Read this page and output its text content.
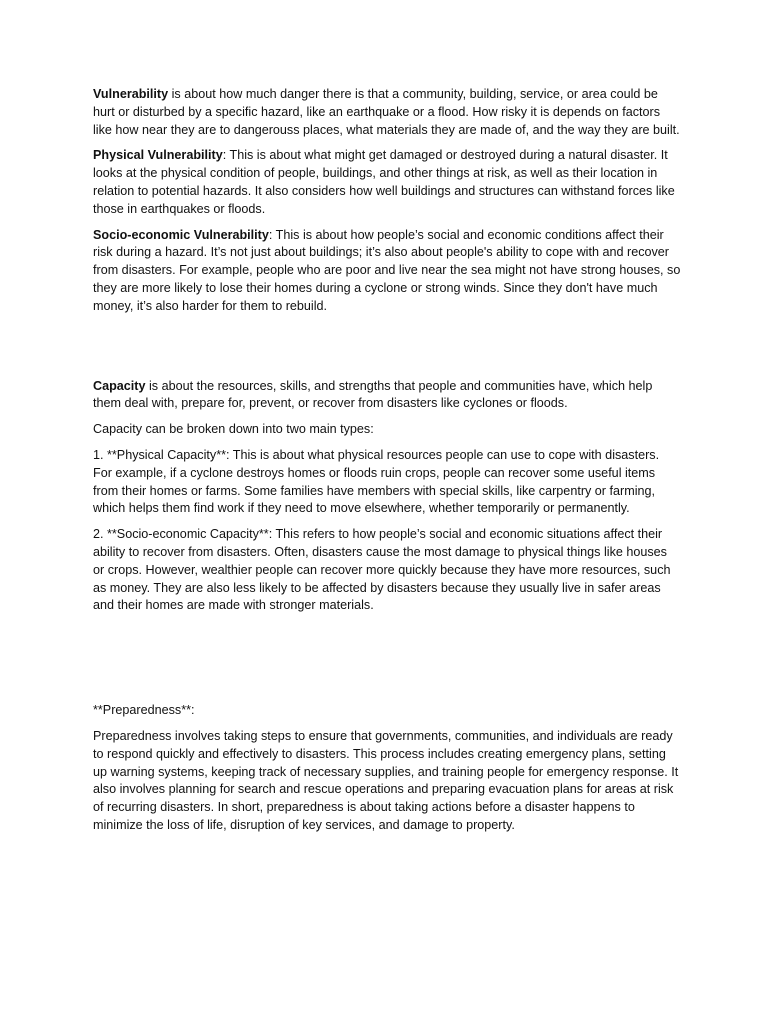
Vulnerability is about how much danger there is that a community, building, service, or area could be hurt or disturbed by a specific hazard, like an earthquake or a flood. How risky it is depends on factors like how near they are to dangerouss places, what materials they are made of, and the way they are built.

Physical Vulnerability: This is about what might get damaged or destroyed during a natural disaster. It looks at the physical condition of people, buildings, and other things at risk, as well as their location in relation to potential hazards. It also considers how well buildings and structures can withstand forces like those in earthquakes or floods.

Socio-economic Vulnerability: This is about how people’s social and economic conditions affect their risk during a hazard. It’s not just about buildings; it’s also about people's ability to cope with and recover from disasters. For example, people who are poor and live near the sea might not have strong houses, so they are more likely to lose their homes during a cyclone or strong winds. Since they don't have much money, it’s also harder for them to rebuild.

Capacity is about the resources, skills, and strengths that people and communities have, which help them deal with, prepare for, prevent, or recover from disasters like cyclones or floods.

Capacity can be broken down into two main types:

1. **Physical Capacity**: This is about what physical resources people can use to cope with disasters. For example, if a cyclone destroys homes or floods ruin crops, people can recover some useful items from their homes or farms. Some families have members with special skills, like carpentry or farming, which helps them find work if they need to move elsewhere, whether temporarily or permanently.

2. **Socio-economic Capacity**: This refers to how people’s social and economic situations affect their ability to recover from disasters. Often, disasters cause the most damage to physical things like houses or crops. However, wealthier people can recover more quickly because they have more resources, such as money. They are also less likely to be affected by disasters because they usually live in safer areas and their homes are made with stronger materials.

**Preparedness**:

Preparedness involves taking steps to ensure that governments, communities, and individuals are ready to respond quickly and effectively to disasters. This process includes creating emergency plans, setting up warning systems, keeping track of necessary supplies, and training people for emergency response. It also involves planning for search and rescue operations and preparing evacuation plans for areas at risk of recurring disasters. In short, preparedness is about taking actions before a disaster happens to minimize the loss of life, disruption of key services, and damage to property.
